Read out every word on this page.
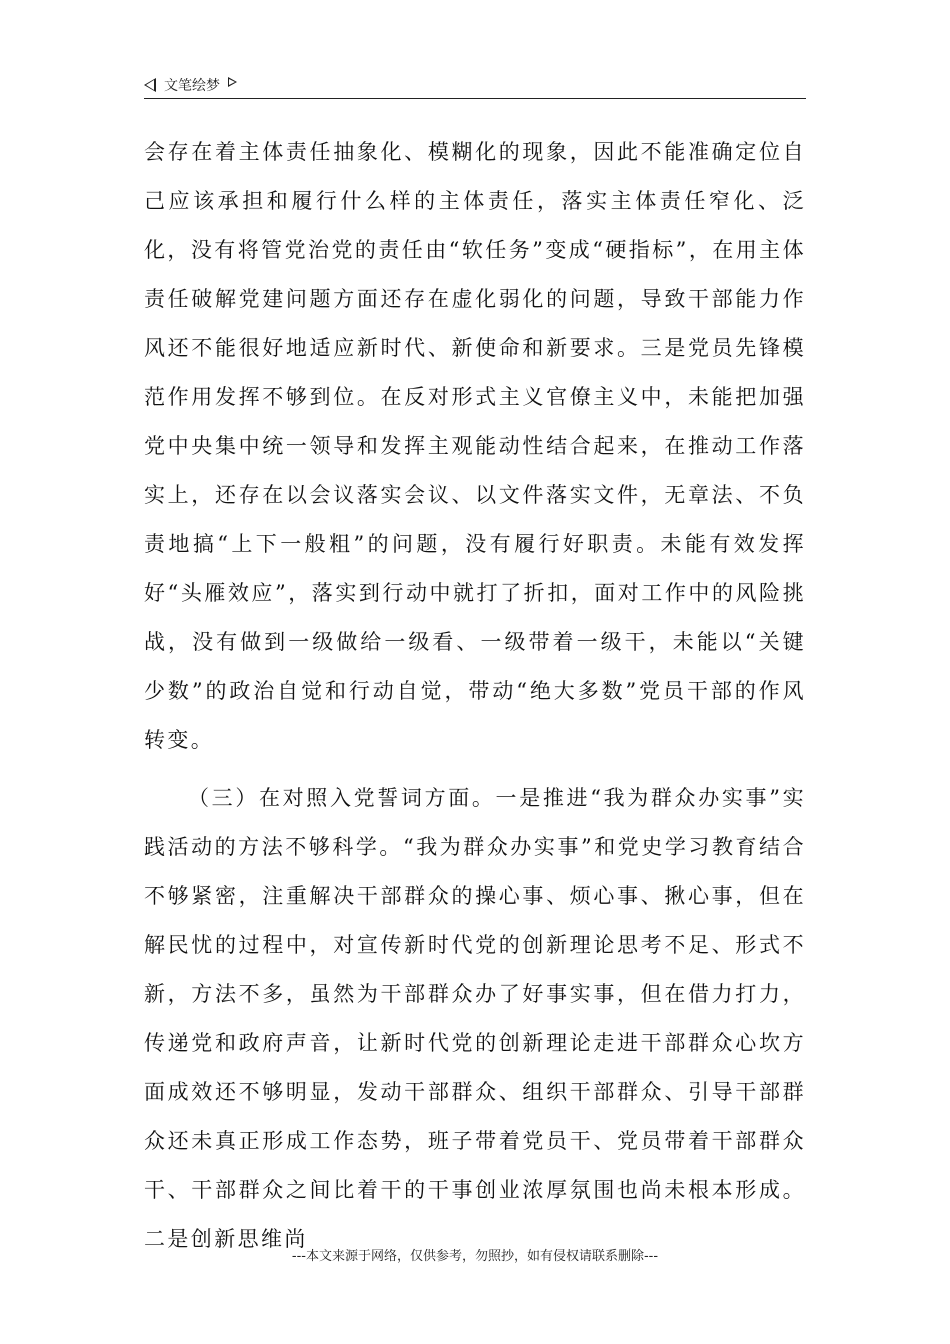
文笔绘梦

会存在着主体责任抽象化、模糊化的现象，因此不能准确定位自己应该承担和履行什么样的主体责任，落实主体责任窄化、泛化，没有将管党治党的责任由“软任务”变成“硬指标”，在用主体责任破解党建问题方面还存在虚化弱化的问题，导致干部能力作风还不能很好地适应新时代、新使命和新要求。三是党员先锋模范作用发挥不够到位。在反对形式主义官僚主义中，未能把加强党中央集中统一领导和发挥主观能动性结合起来，在推动工作落实上，还存在以会议落实会议、以文件落实文件，无章法、不负责地搞“上下一般粗”的问题，没有履行好职责。未能有效发挥好“头雁效应”，落实到行动中就打了折扣，面对工作中的风险挑战，没有做到一级做给一级看、一级带着一级干，未能以“关键少数”的政治自觉和行动自觉，带动“绝大多数”党员干部的作风转变。

（三）在对照入党誓词方面。一是推进“我为群众办实事”实践活动的方法不够科学。“我为群众办实事”和党史学习教育结合不够紧密，注重解决干部群众的操心事、烦心事、揪心事，但在解民忧的过程中，对宣传新时代党的创新理论思考不足、形式不新，方法不多，虽然为干部群众办了好事实事，但在借力打力，传递党和政府声音，让新时代党的创新理论走进干部群众心坎方面成效还不够明显，发动干部群众、组织干部群众、引导干部群众还未真正形成工作态势，班子带着党员干、党员带着干部群众干、干部群众之间比着干的干事创业浓厚氛围也尚未根本形成。二是创新思维尚

---本文来源于网络，仅供参考，勿照抄，如有侵权请联系删除---
